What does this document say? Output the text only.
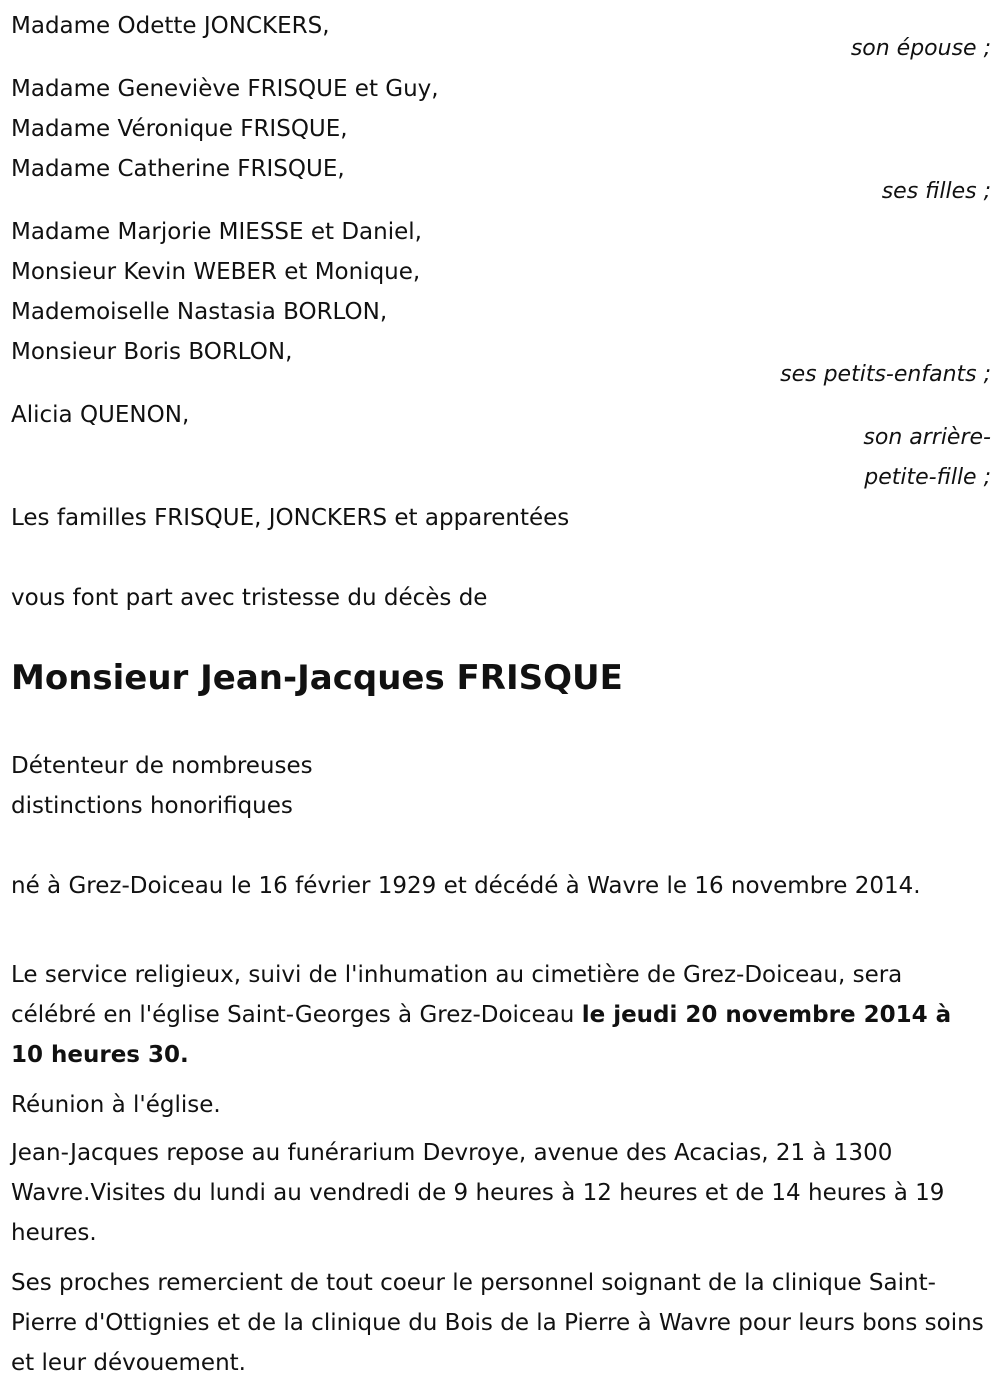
Madame Odette JONCKERS,
son épouse ;
Madame Geneviève FRISQUE et Guy,
Madame Véronique FRISQUE,
Madame Catherine FRISQUE,
ses filles ;
Madame Marjorie MIESSE et Daniel,
Monsieur Kevin WEBER et Monique,
Mademoiselle Nastasia BORLON,
Monsieur Boris BORLON,
ses petits-enfants ;
Alicia QUENON,
son arrière-
petite-fille ;
Les familles FRISQUE, JONCKERS et apparentées
vous font part avec tristesse du décès de
Monsieur Jean-Jacques FRISQUE
Détenteur de nombreuses
distinctions honorifiques
né à Grez-Doiceau le 16 février 1929 et décédé à Wavre le 16 novembre 2014.
Le service religieux, suivi de l'inhumation au cimetière de Grez-Doiceau, sera célébré en l'église Saint-Georges à Grez-Doiceau le jeudi 20 novembre 2014 à 10 heures 30.
Réunion à l'église.
Jean-Jacques repose au funérarium Devroye, avenue des Acacias, 21 à 1300 Wavre.Visites du lundi au vendredi de 9 heures à 12 heures et de 14 heures à 19 heures.
Ses proches remercient de tout coeur le personnel soignant de la clinique Saint-Pierre d'Ottignies et de la clinique du Bois de la Pierre à Wavre pour leurs bons soins et leur dévouement.
